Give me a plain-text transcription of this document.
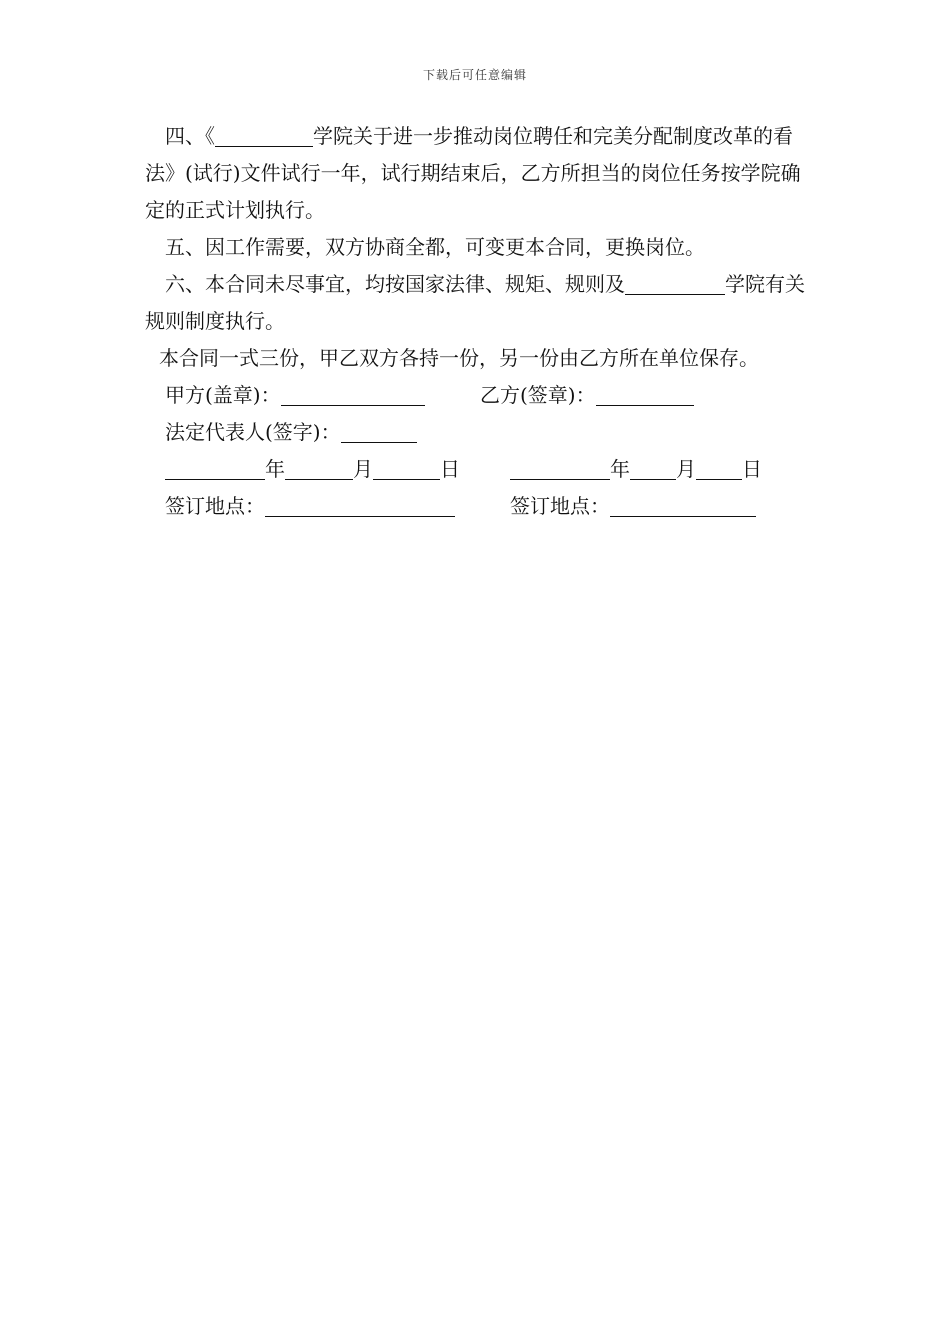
下载后可任意编辑

四、《	学院关于进一步推动岗位聘任和完美分配制度改革的看法》(试行)文件试行一年，试行期结束后，乙方所担当的岗位任务按学院确定的正式计划执行。

五、因工作需要，双方协商全都，可变更本合同，更换岗位。

六、本合同未尽事宜，均按国家法律、规矩、规则及	学院有关规则制度执行。

本合同一式三份，甲乙双方各持一份，另一份由乙方所在单位保存。

甲方(盖章)：	乙方(签章)：
法定代表人(签字)：
年	月	日	年 月 日
签订地点：	签订地点：
